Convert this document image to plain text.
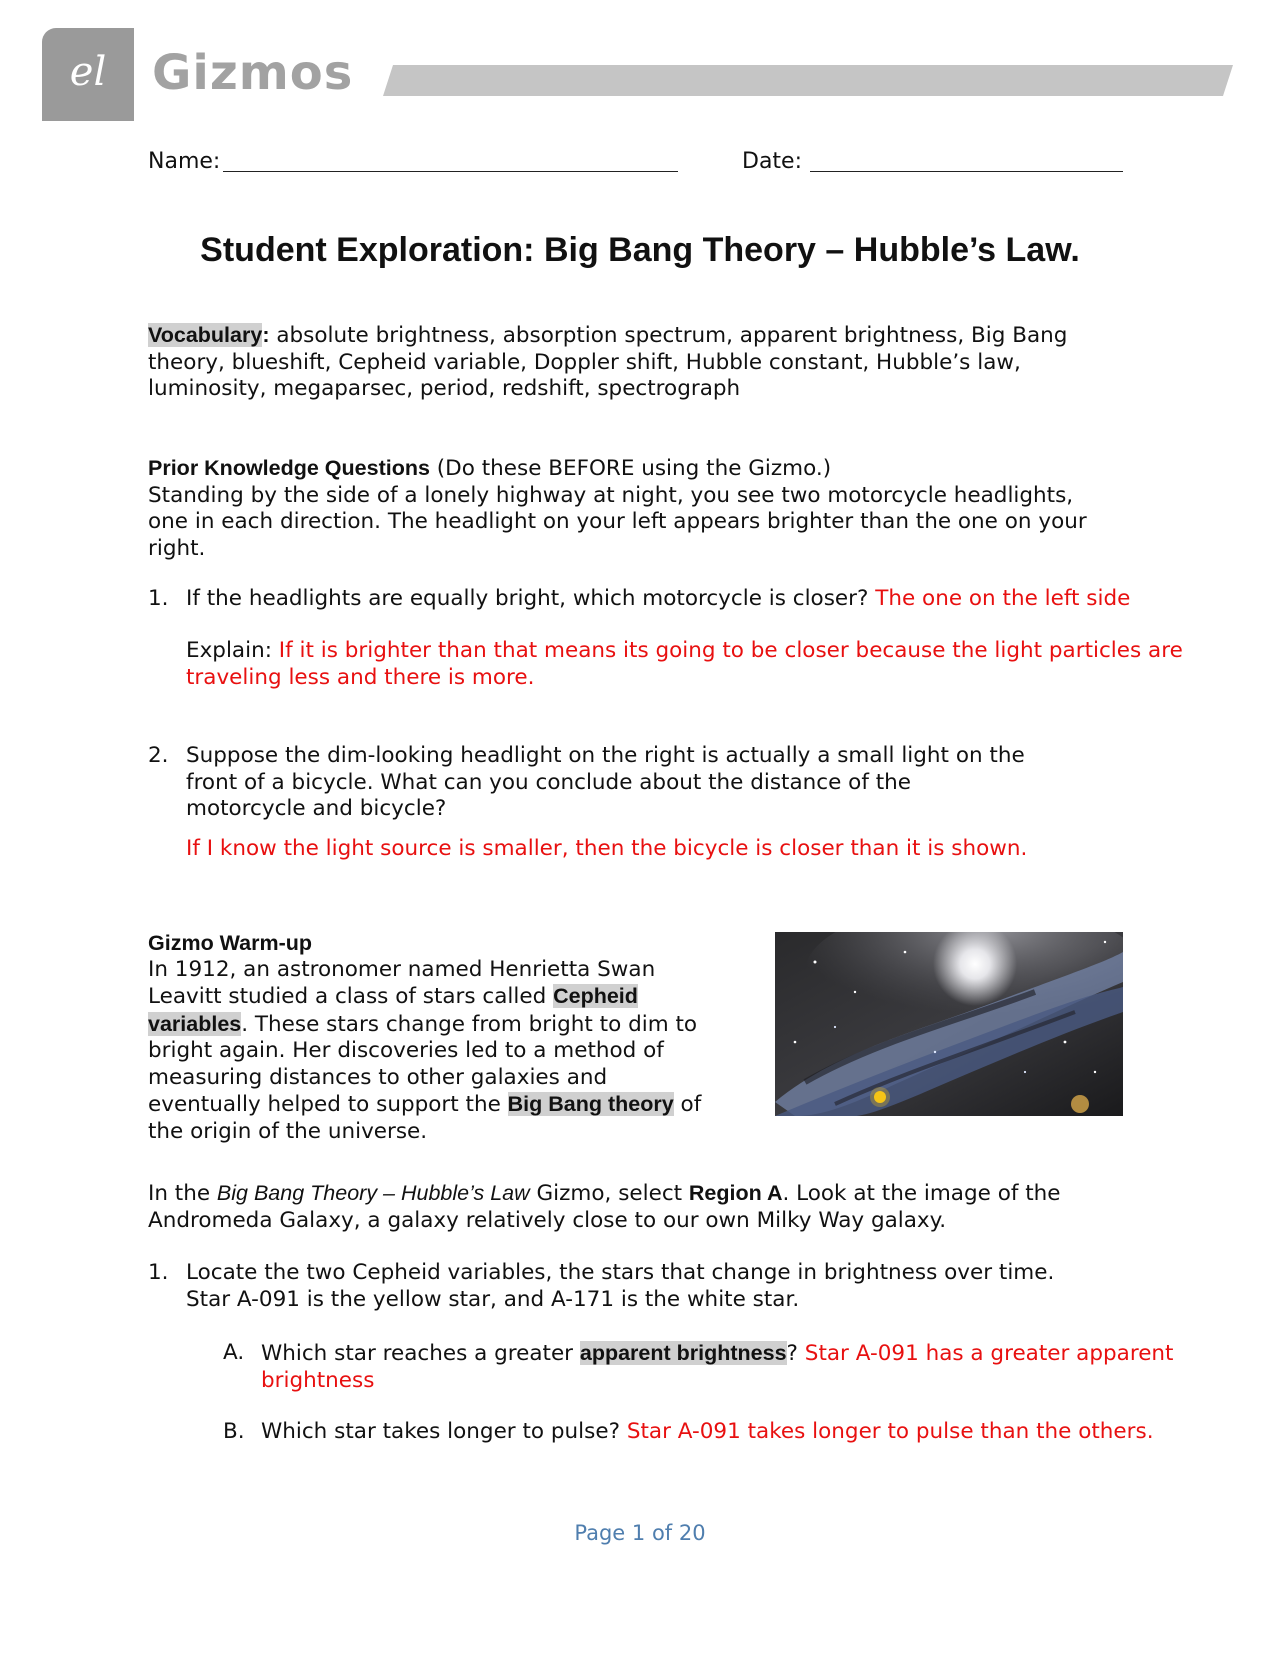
el Gizmos
Name:	Date:
Student Exploration: Big Bang Theory – Hubble’s Law.
Vocabulary: absolute brightness, absorption spectrum, apparent brightness, Big Bang theory, blueshift, Cepheid variable, Doppler shift, Hubble constant, Hubble’s law, luminosity, megaparsec, period, redshift, spectrograph
Prior Knowledge Questions (Do these BEFORE using the Gizmo.)
Standing by the side of a lonely highway at night, you see two motorcycle headlights, one in each direction. The headlight on your left appears brighter than the one on your right.
1. If the headlights are equally bright, which motorcycle is closer? The one on the left side
Explain: If it is brighter than that means its going to be closer because the light particles are traveling less and there is more.
2. Suppose the dim-looking headlight on the right is actually a small light on the front of a bicycle. What can you conclude about the distance of the motorcycle and bicycle?
If I know the light source is smaller, then the bicycle is closer than it is shown.
Gizmo Warm-up
In 1912, an astronomer named Henrietta Swan Leavitt studied a class of stars called Cepheid variables. These stars change from bright to dim to bright again. Her discoveries led to a method of measuring distances to other galaxies and eventually helped to support the Big Bang theory of the origin of the universe.
In the Big Bang Theory – Hubble’s Law Gizmo, select Region A. Look at the image of the Andromeda Galaxy, a galaxy relatively close to our own Milky Way galaxy.
1. Locate the two Cepheid variables, the stars that change in brightness over time. Star A-091 is the yellow star, and A-171 is the white star.
A. Which star reaches a greater apparent brightness? Star A-091 has a greater apparent brightness
B. Which star takes longer to pulse? Star A-091 takes longer to pulse than the others.
Page 1 of 20
